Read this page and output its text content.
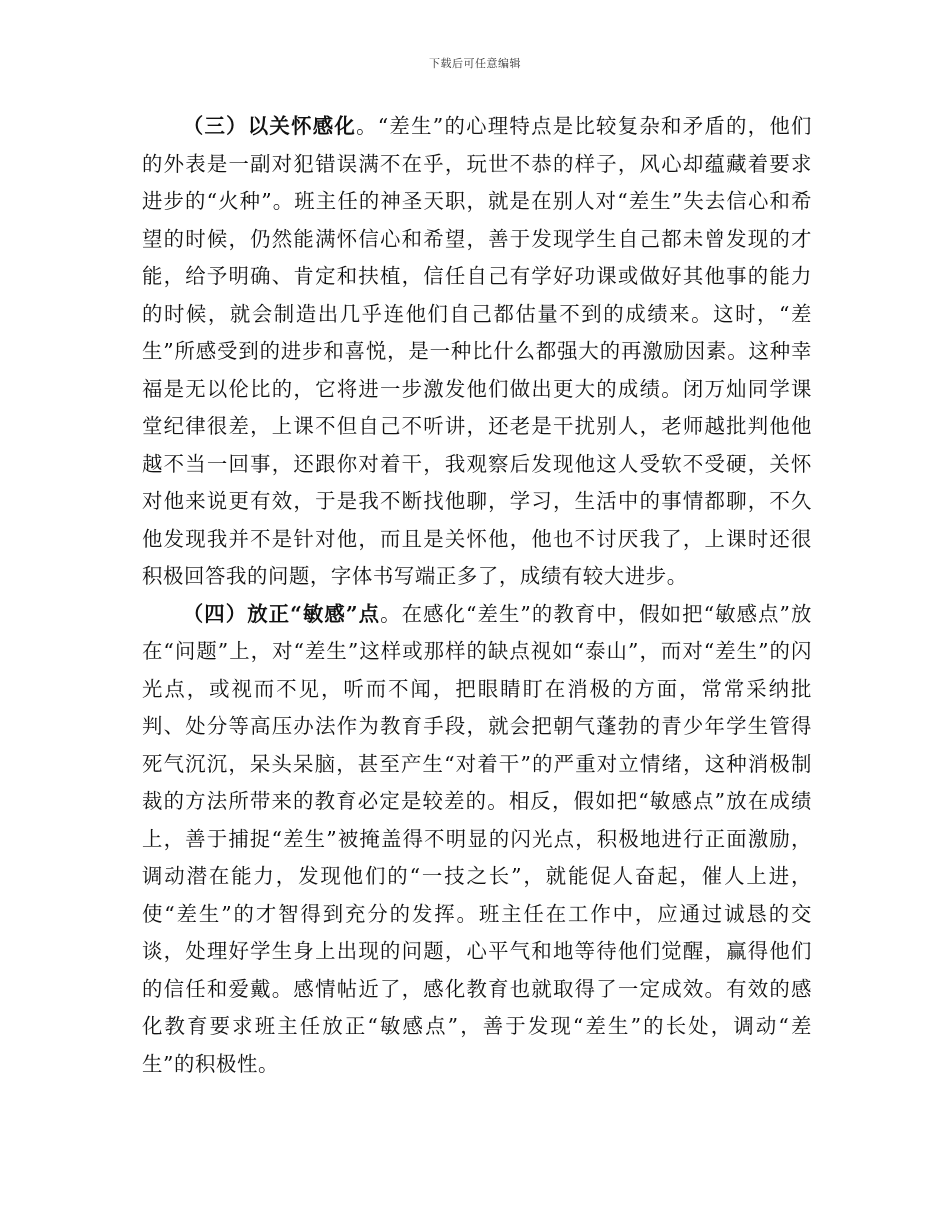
下载后可任意编辑

（三）以关怀感化。“差生”的心理特点是比较复杂和矛盾的，他们的外表是一副对犯错误满不在乎，玩世不恭的样子，风心却蕴藏着要求进步的“火种”。班主任的神圣天职，就是在别人对“差生”失去信心和希望的时候，仍然能满怀信心和希望，善于发现学生自己都未曾发现的才能，给予明确、肯定和扶植，信任自己有学好功课或做好其他事的能力的时候，就会制造出几乎连他们自己都估量不到的成绩来。这时，“差生”所感受到的进步和喜悦，是一种比什么都强大的再激励因素。这种幸福是无以伦比的，它将进一步激发他们做出更大的成绩。闭万灿同学课堂纪律很差，上课不但自己不听讲，还老是干扰别人，老师越批判他他越不当一回事，还跟你对着干，我观察后发现他这人受软不受硬，关怀对他来说更有效，于是我不断找他聊，学习，生活中的事情都聊，不久他发现我并不是针对他，而且是关怀他，他也不讨厌我了，上课时还很积极回答我的问题，字体书写端正多了，成绩有较大进步。

（四）放正“敏感”点。在感化“差生”的教育中，假如把“敏感点”放在“问题”上，对“差生”这样或那样的缺点视如“泰山”，而对“差生”的闪光点，或视而不见，听而不闻，把眼睛盯在消极的方面，常常采纳批判、处分等高压办法作为教育手段，就会把朝气蓬勃的青少年学生管得死气沉沉，呆头呆脑，甚至产生“对着干”的严重对立情绪，这种消极制裁的方法所带来的教育必定是较差的。相反，假如把“敏感点”放在成绩上，善于捕捉“差生”被掩盖得不明显的闪光点，积极地进行正面激励，调动潜在能力，发现他们的“一技之长”，就能促人奋起，催人上进，使“差生”的才智得到充分的发挥。班主任在工作中，应通过诚恳的交谈，处理好学生身上出现的问题，心平气和地等待他们觉醒，赢得他们的信任和爱戴。感情帖近了，感化教育也就取得了一定成效。有效的感化教育要求班主任放正“敏感点”，善于发现“差生”的长处，调动“差生”的积极性。
